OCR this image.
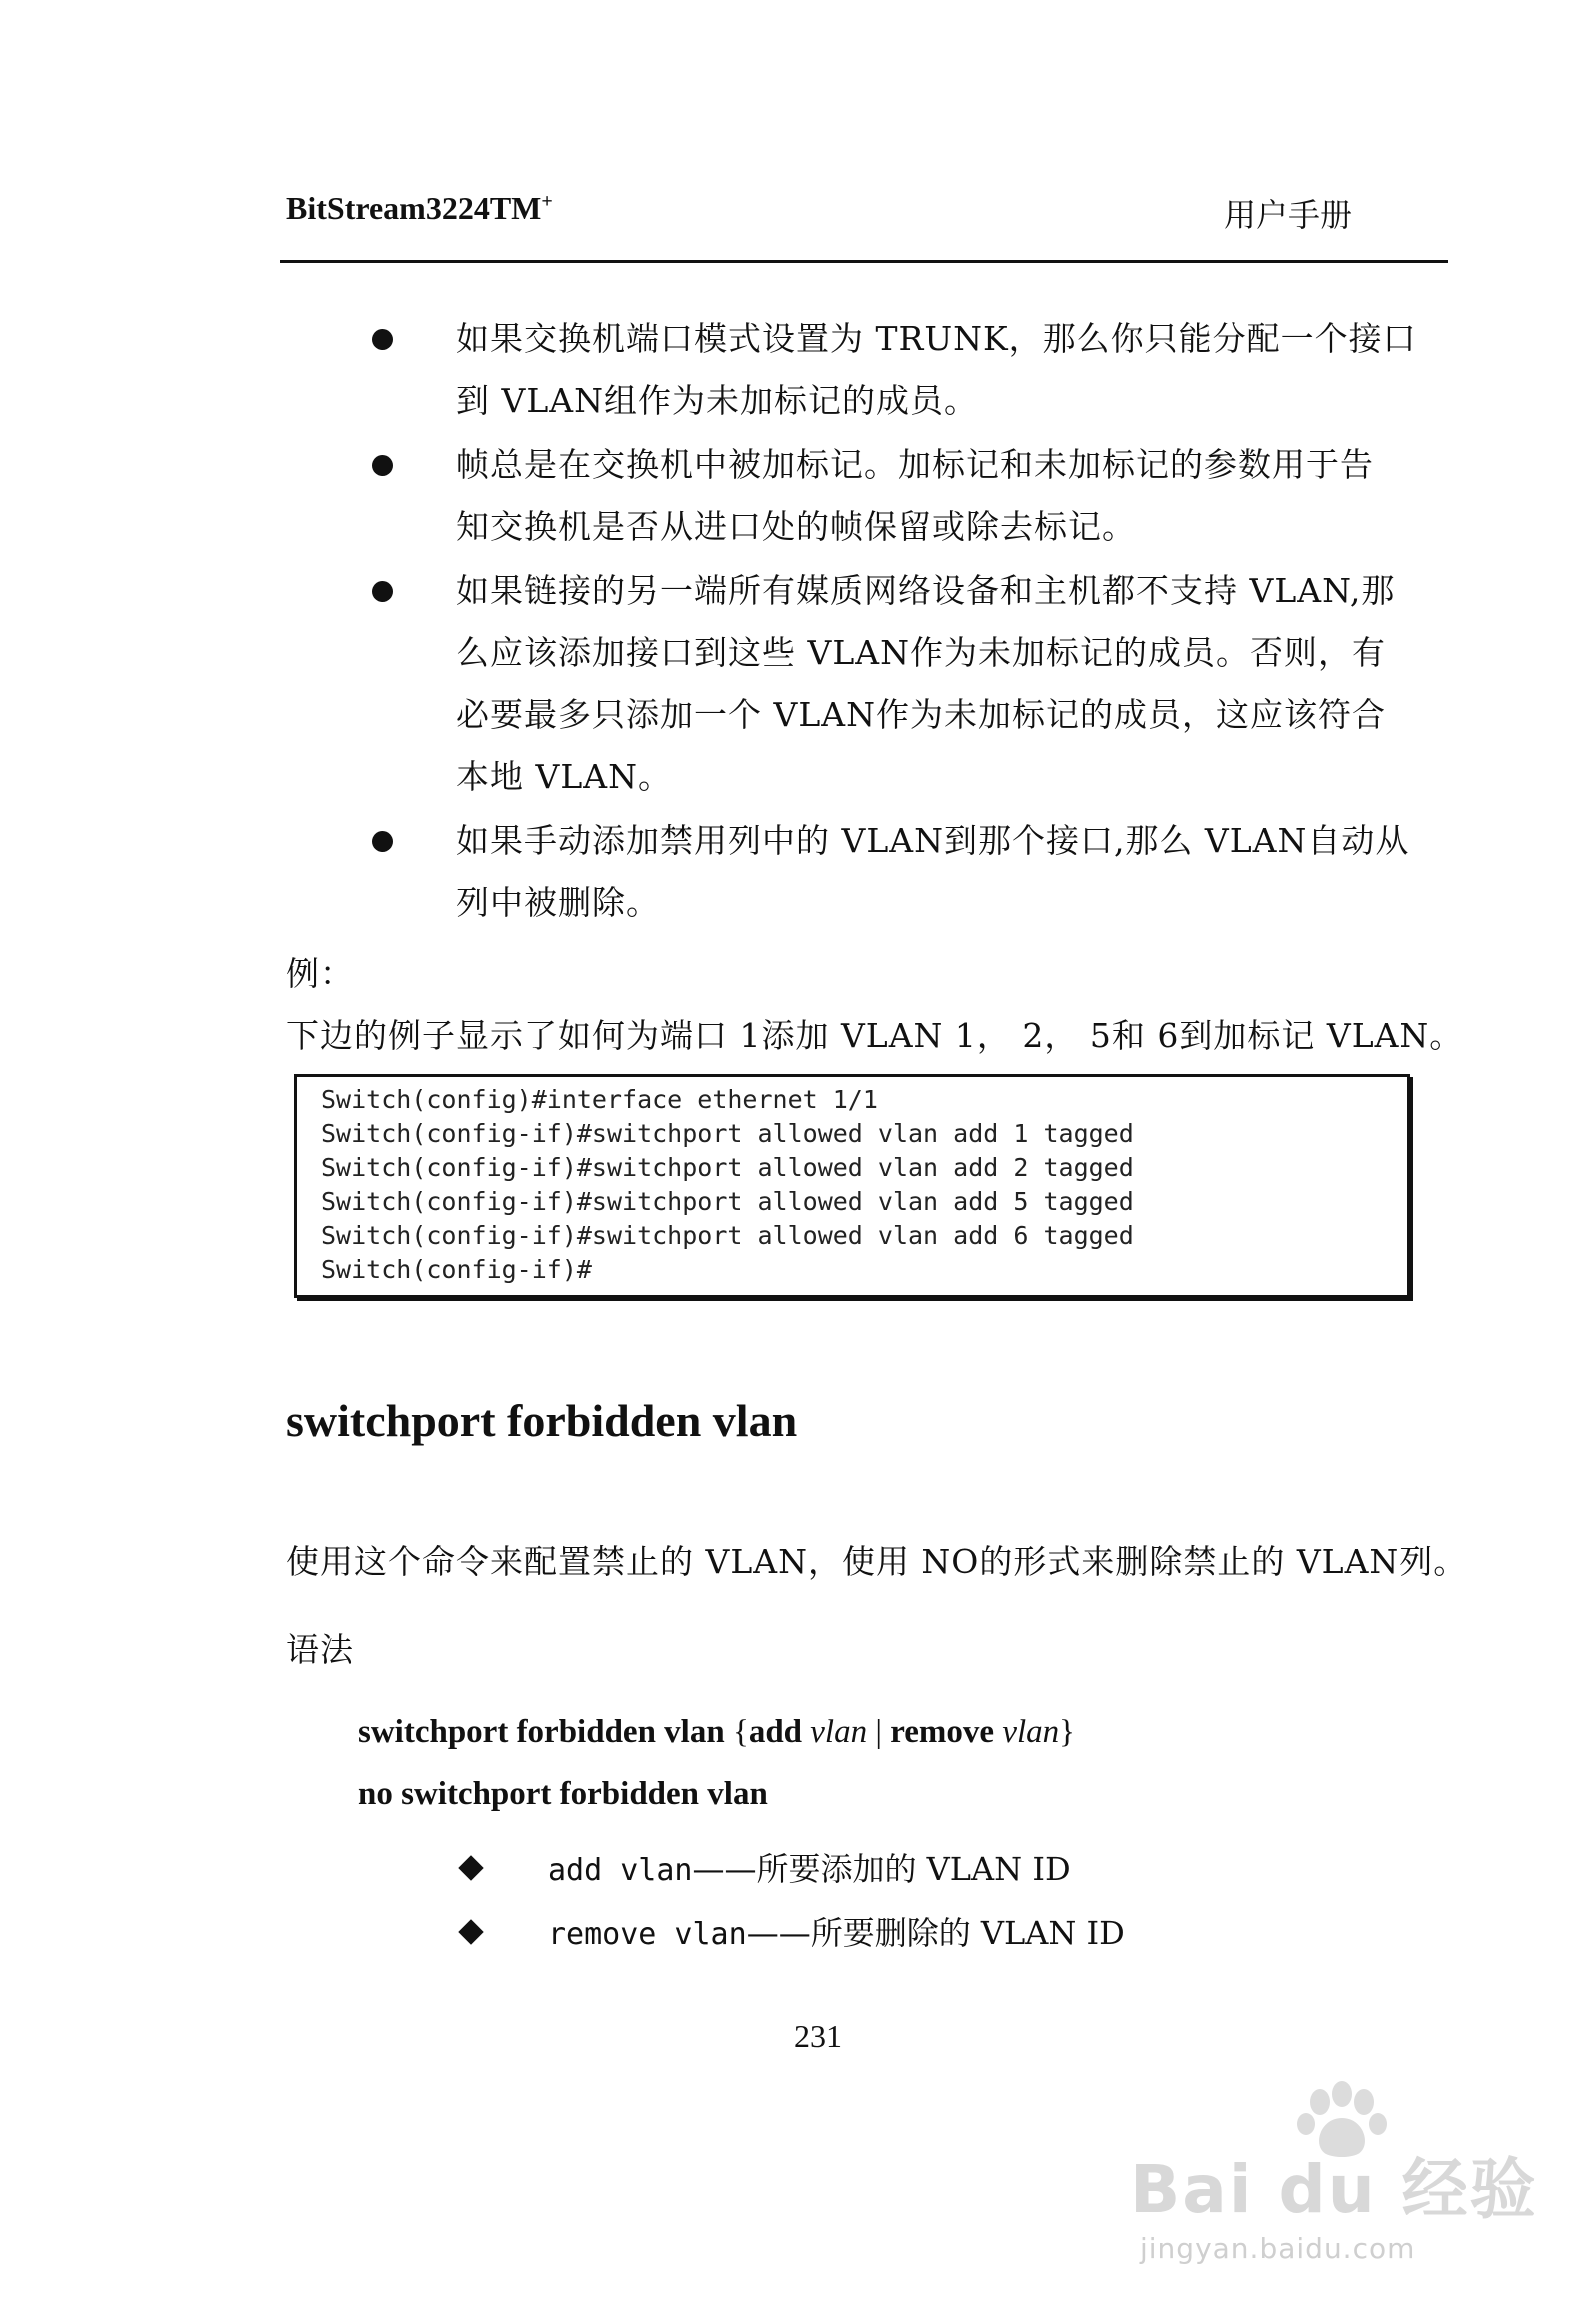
BitStream3224TM+	用户手册
如果交换机端口模式设置为 TRUNK，那么你只能分配一个接口
到 VLAN组作为未加标记的成员。
帧总是在交换机中被加标记。加标记和未加标记的参数用于告
知交换机是否从进口处的帧保留或除去标记。
如果链接的另一端所有媒质网络设备和主机都不支持 VLAN,那
么应该添加接口到这些 VLAN作为未加标记的成员。否则，有
必要最多只添加一个 VLAN作为未加标记的成员，这应该符合
本地 VLAN。
如果手动添加禁用列中的 VLAN到那个接口,那么 VLAN自动从
列中被删除。
例：
下边的例子显示了如何为端口 1添加 VLAN 1， 2， 5和 6到加标记 VLAN。
Switch(config)#interface ethernet 1/1
Switch(config-if)#switchport allowed vlan add 1 tagged
Switch(config-if)#switchport allowed vlan add 2 tagged
Switch(config-if)#switchport allowed vlan add 5 tagged
Switch(config-if)#switchport allowed vlan add 6 tagged
Switch(config-if)#
switchport forbidden vlan
使用这个命令来配置禁止的 VLAN，使用 NO的形式来删除禁止的 VLAN列。
语法
switchport forbidden vlan {add vlan | remove vlan}
no switchport forbidden vlan
add vlan——所要添加的 VLAN ID
remove vlan——所要删除的 VLAN ID
231
Bai du 经验
jingyan.baidu.com
